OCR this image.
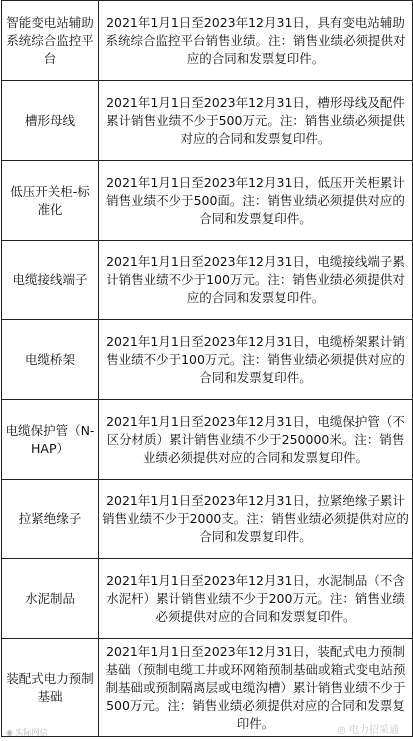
智能变电站辅助系统综合监控平台	2021年1月1日至2023年12月31日，具有变电站辅助系统综合监控平台销售业绩。注：销售业绩必须提供对应的合同和发票复印件。
槽形母线	2021年1月1日至2023年12月31日，槽形母线及配件累计销售业绩不少于500万元。注：销售业绩必须提供对应的合同和发票复印件。
低压开关柜-标准化	2021年1月1日至2023年12月31日，低压开关柜累计销售业绩不少于500面。注：销售业绩必须提供对应的合同和发票复印件。
电缆接线端子	2021年1月1日至2023年12月31日，电缆接线端子累计销售业绩不少于100万元。注：销售业绩必须提供对应的合同和发票复印件。
电缆桥架	2021年1月1日至2023年12月31日，电缆桥架累计销售业绩不少于100万元。注：销售业绩必须提供对应的合同和发票复印件。
电缆保护管（N-HAP）	2021年1月1日至2023年12月31日，电缆保护管（不区分材质）累计销售业绩不少于250000米。注：销售业绩必须提供对应的合同和发票复印件。
拉紧绝缘子	2021年1月1日至2023年12月31日，拉紧绝缘子累计销售业绩不少于2000支。注：销售业绩必须提供对应的合同和发票复印件。
水泥制品	2021年1月1日至2023年12月31日，水泥制品（不含水泥杆）累计销售业绩不少于200万元。注：销售业绩必须提供对应的合同和发票复印件。
装配式电力预制基础	2021年1月1日至2023年12月31日，装配式电力预制基础（预制电缆工井或环网箱预制基础或箱式变电站预制基础或预制隔离层或电缆沟槽）累计销售业绩不少于500万元。注：销售业绩必须提供对应的合同和发票复印件。
◉ 实际网信	◎ 电力招采通
